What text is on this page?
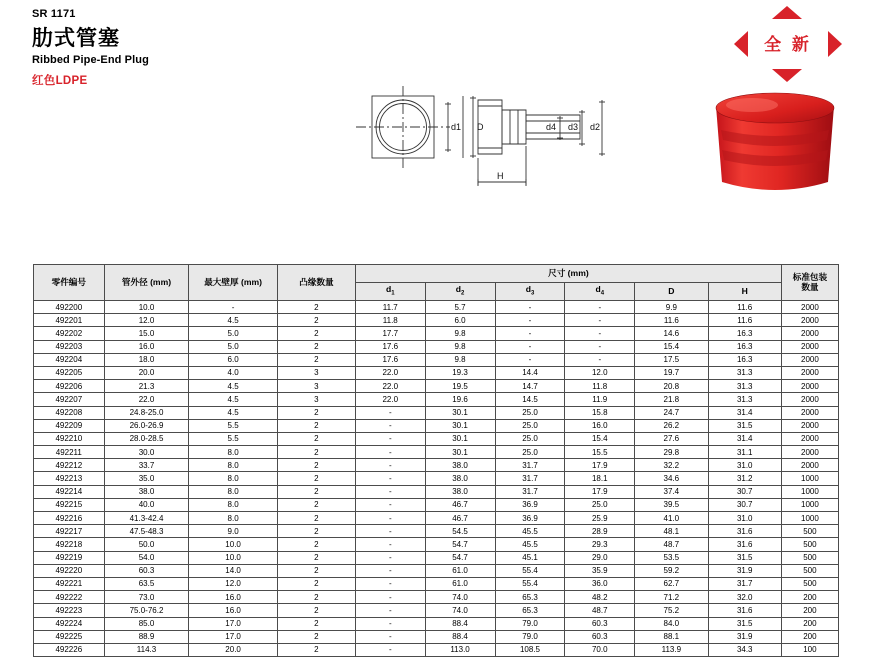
SR 1171
肋式管塞
Ribbed Pipe-End Plug
红色LDPE
全 新
d1 D	d4 d3 d2
H
零件编号	管外径 (mm)	最大壁厚 (mm)	凸缘数量	尺寸 (mm)						标准包装
数量
				$d_1$	$d_2$	$d_3$	$d_4$	D	H	
492200	10.0	-	2	11.7	5.7	-	-	9.9	11.6	2000
492201	12.0	4.5	2	11.8	6.0	-	-	11.6	11.6	2000
492202	15.0	5.0	2	17.7	9.8	-	-	14.6	16.3	2000
492203	16.0	5.0	2	17.6	9.8	-	-	15.4	16.3	2000
492204	18.0	6.0	2	17.6	9.8	-	-	17.5	16.3	2000
492205	20.0	4.0	3	22.0	19.3	14.4	12.0	19.7	31.3	2000
492206	21.3	4.5	3	22.0	19.5	14.7	11.8	20.8	31.3	2000
492207	22.0	4.5	3	22.0	19.6	14.5	11.9	21.8	31.3	2000
492208	24.8-25.0	4.5	2	-	30.1	25.0	15.8	24.7	31.4	2000
492209	26.0-26.9	5.5	2	-	30.1	25.0	16.0	26.2	31.5	2000
492210	28.0-28.5	5.5	2	-	30.1	25.0	15.4	27.6	31.4	2000
492211	30.0	8.0	2	-	30.1	25.0	15.5	29.8	31.1	2000
492212	33.7	8.0	2	-	38.0	31.7	17.9	32.2	31.0	2000
492213	35.0	8.0	2	-	38.0	31.7	18.1	34.6	31.2	1000
492214	38.0	8.0	2	-	38.0	31.7	17.9	37.4	30.7	1000
492215	40.0	8.0	2	-	46.7	36.9	25.0	39.5	30.7	1000
492216	41.3-42.4	8.0	2	-	46.7	36.9	25.9	41.0	31.0	1000
492217	47.5-48.3	9.0	2	-	54.5	45.5	28.9	48.1	31.6	500
492218	50.0	10.0	2	-	54.7	45.5	29.3	48.7	31.6	500
492219	54.0	10.0	2	-	54.7	45.1	29.0	53.5	31.5	500
492220	60.3	14.0	2	-	61.0	55.4	35.9	59.2	31.9	500
492221	63.5	12.0	2	-	61.0	55.4	36.0	62.7	31.7	500
492222	73.0	16.0	2	-	74.0	65.3	48.2	71.2	32.0	200
492223	75.0-76.2	16.0	2	-	74.0	65.3	48.7	75.2	31.6	200
492224	85.0	17.0	2	-	88.4	79.0	60.3	84.0	31.5	200
492225	88.9	17.0	2	-	88.4	79.0	60.3	88.1	31.9	200
492226	114.3	20.0	2	-	113.0	108.5	70.0	113.9	34.3	100
